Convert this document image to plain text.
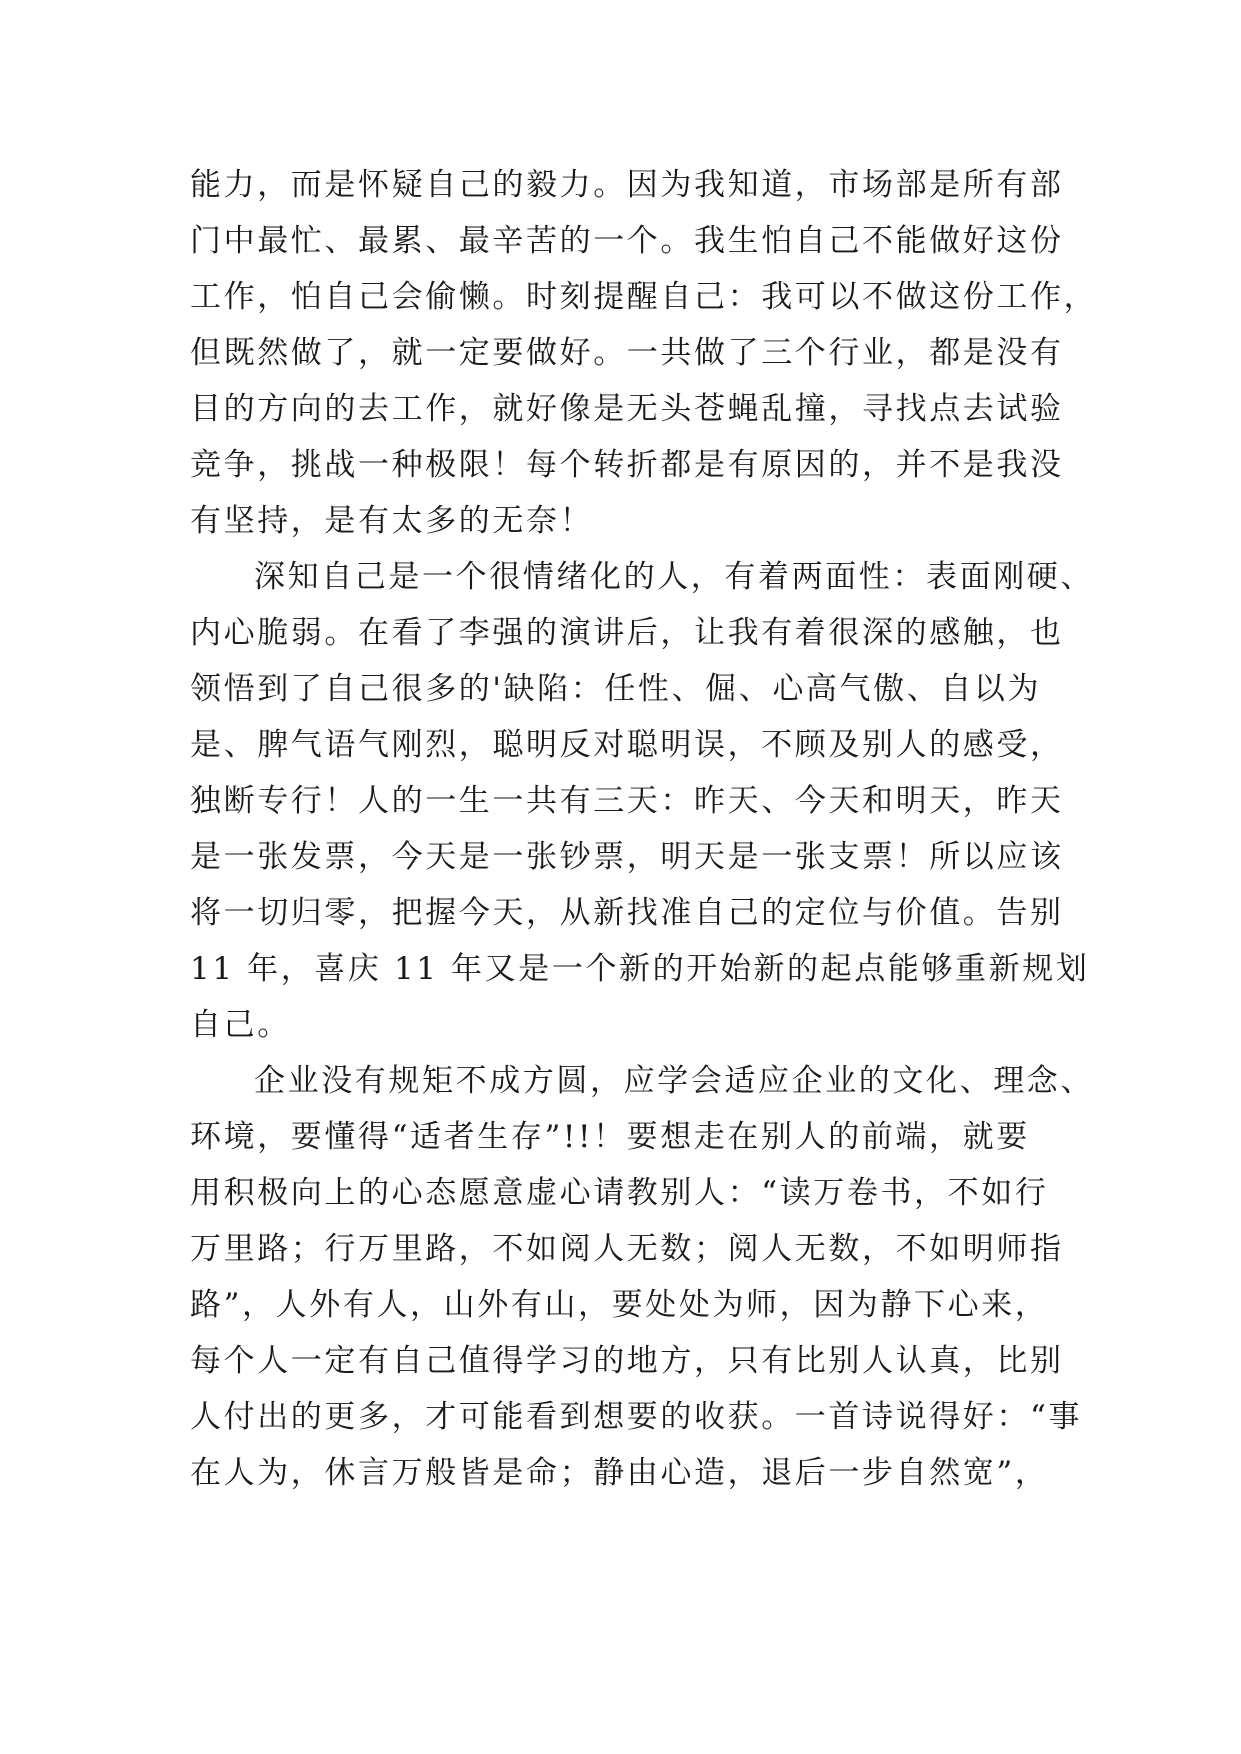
能力，而是怀疑自己的毅力。因为我知道，市场部是所有部
门中最忙、最累、最辛苦的一个。我生怕自己不能做好这份
工作，怕自己会偷懒。时刻提醒自己：我可以不做这份工作，
但既然做了，就一定要做好。一共做了三个行业，都是没有
目的方向的去工作，就好像是无头苍蝇乱撞，寻找点去试验
竞争，挑战一种极限！每个转折都是有原因的，并不是我没
有坚持，是有太多的无奈！
深知自己是一个很情绪化的人，有着两面性：表面刚硬、
内心脆弱。在看了李强的演讲后，让我有着很深的感触，也
领悟到了自己很多的'缺陷：任性、倔、心高气傲、自以为
是、脾气语气刚烈，聪明反对聪明误，不顾及别人的感受，
独断专行！人的一生一共有三天：昨天、今天和明天，昨天
是一张发票，今天是一张钞票，明天是一张支票！所以应该
将一切归零，把握今天，从新找准自己的定位与价值。告别
11 年，喜庆 11 年又是一个新的开始新的起点能够重新规划
自己。
企业没有规矩不成方圆，应学会适应企业的文化、理念、
环境，要懂得“适者生存”!!！要想走在别人的前端，就要
用积极向上的心态愿意虚心请教别人：“读万卷书，不如行
万里路；行万里路，不如阅人无数；阅人无数，不如明师指
路”，人外有人，山外有山，要处处为师，因为静下心来，
每个人一定有自己值得学习的地方，只有比别人认真，比别
人付出的更多，才可能看到想要的收获。一首诗说得好：“事
在人为，休言万般皆是命；静由心造，退后一步自然宽”，
